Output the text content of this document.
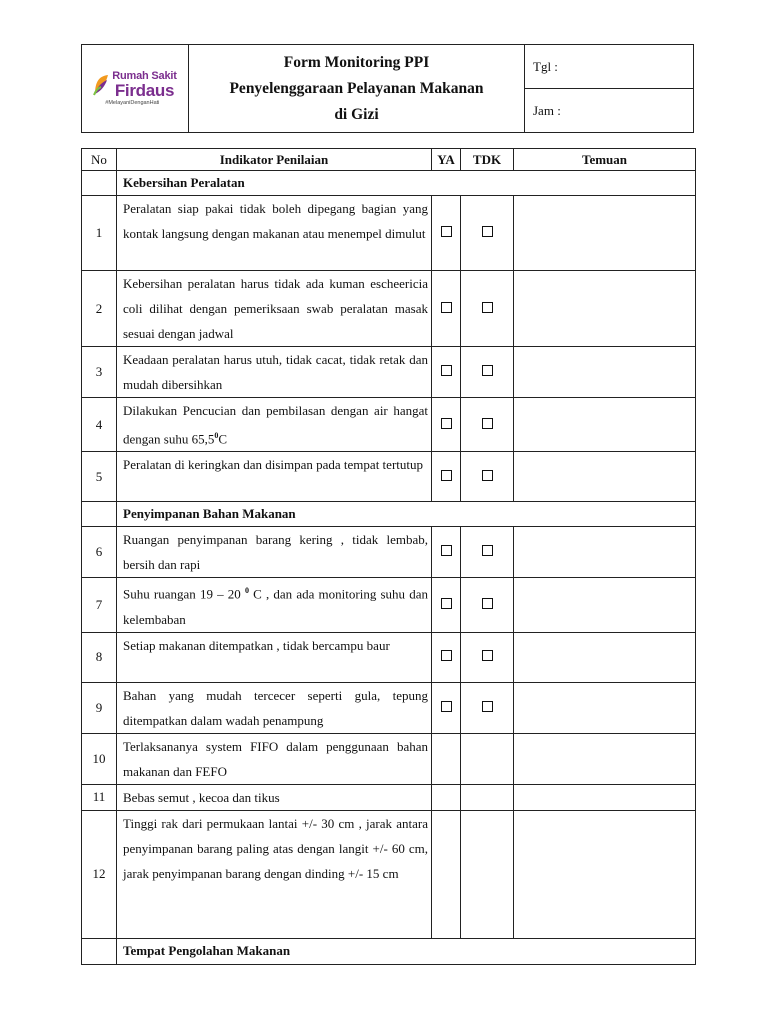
Rumah Sakit
Firdaus
#MelayaniDenganHati

Form Monitoring PPI
Penyelenggaraan Pelayanan Makanan
di Gizi
	Tgl :
Jam :
No	Indikator Penilaian	YA	TDK	Temuan
	Kebersihan Peralatan			
1	Peralatan siap pakai tidak boleh dipegang bagian yang kontak langsung dengan makanan atau menempel dimulut			
2	Kebersihan peralatan harus tidak ada kuman escheericia coli dilihat dengan pemeriksaan swab peralatan masak sesuai dengan jadwal			
3	Keadaan peralatan harus utuh, tidak cacat, tidak retak dan mudah dibersihkan			
4	Dilakukan Pencucian dan pembilasan dengan air hangat dengan suhu 65,5$^0$C			
5	Peralatan di keringkan dan disimpan pada tempat tertutup			
	Penyimpanan Bahan Makanan			
6	Ruangan penyimpanan barang kering , tidak lembab, bersih dan rapi			
7	Suhu ruangan 19 – 20 $^0$ C , dan ada monitoring suhu dan kelembaban			
8	Setiap makanan ditempatkan , tidak bercampu baur			
9	Bahan yang mudah tercecer seperti gula, tepung ditempatkan dalam wadah penampung			
10	Terlaksananya system FIFO dalam penggunaan bahan makanan dan FEFO			
11	Bebas semut , kecoa dan tikus			
12	Tinggi rak dari permukaan lantai +/- 30 cm , jarak antara penyimpanan barang paling atas dengan langit +/- 60 cm, jarak penyimpanan barang dengan dinding +/- 15 cm			
	Tempat Pengolahan Makanan			
